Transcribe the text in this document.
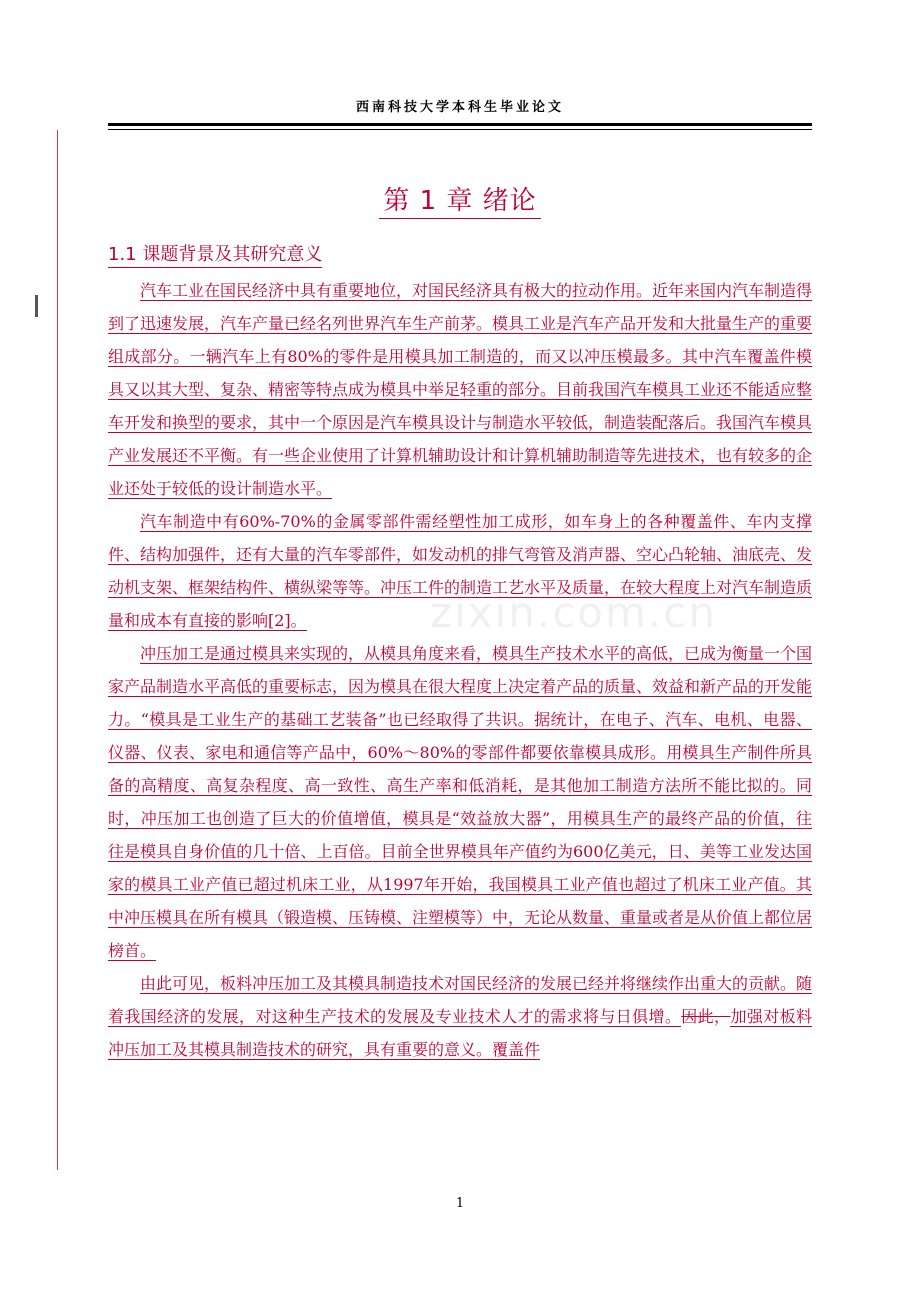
西南科技大学本科生毕业论文
第 1 章 绪论
1.1 课题背景及其研究意义
zixin.com.cn

汽车工业在国民经济中具有重要地位，对国民经济具有极大的拉动作用。近年来国内汽车制造得到了迅速发展，汽车产量已经名列世界汽车生产前茅。模具工业是汽车产品开发和大批量生产的重要组成部分。一辆汽车上有80%的零件是用模具加工制造的，而又以冲压模最多。其中汽车覆盖件模具又以其大型、复杂、精密等特点成为模具中举足轻重的部分。目前我国汽车模具工业还不能适应整车开发和换型的要求，其中一个原因是汽车模具设计与制造水平较低，制造装配落后。我国汽车模具产业发展还不平衡。有一些企业使用了计算机辅助设计和计算机辅助制造等先进技术，也有较多的企业还处于较低的设计制造水平。

汽车制造中有60%-70%的金属零部件需经塑性加工成形，如车身上的各种覆盖件、车内支撑件、结构加强件，还有大量的汽车零部件，如发动机的排气弯管及消声器、空心凸轮轴、油底壳、发动机支架、框架结构件、横纵梁等等。冲压工件的制造工艺水平及质量，在较大程度上对汽车制造质量和成本有直接的影响[2]。

冲压加工是通过模具来实现的，从模具角度来看，模具生产技术水平的高低，已成为衡量一个国家产品制造水平高低的重要标志，因为模具在很大程度上决定着产品的质量、效益和新产品的开发能力。“模具是工业生产的基础工艺装备”也已经取得了共识。据统计，在电子、汽车、电机、电器、仪器、仪表、家电和通信等产品中，60%～80%的零部件都要依靠模具成形。用模具生产制件所具备的高精度、高复杂程度、高一致性、高生产率和低消耗，是其他加工制造方法所不能比拟的。同时，冲压加工也创造了巨大的价值增值，模具是“效益放大器”，用模具生产的最终产品的价值，往往是模具自身价值的几十倍、上百倍。目前全世界模具年产值约为600亿美元，日、美等工业发达国家的模具工业产值已超过机床工业，从1997年开始，我国模具工业产值也超过了机床工业产值。其中冲压模具在所有模具（锻造模、压铸模、注塑模等）中，无论从数量、重量或者是从价值上都位居榜首。

由此可见，板料冲压加工及其模具制造技术对国民经济的发展已经并将继续作出重大的贡献。随着我国经济的发展，对这种生产技术的发展及专业技术人才的需求将与日俱增。因此，加强对板料冲压加工及其模具制造技术的研究，具有重要的意义。覆盖件

1
